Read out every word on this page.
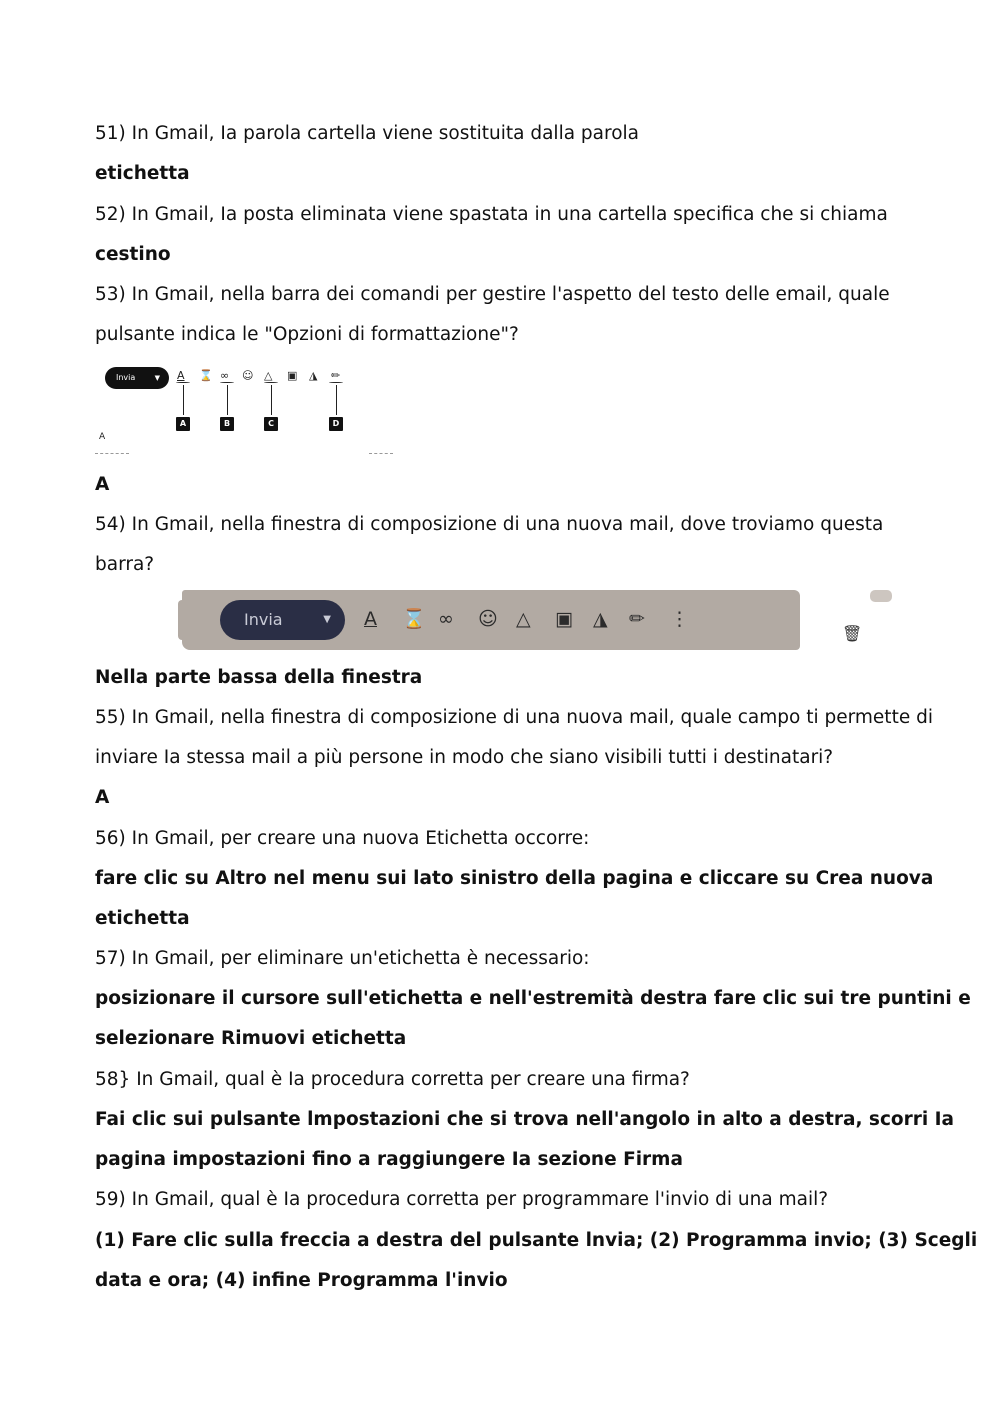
51) In Gmail, Ia parola cartella viene sostituita dalla parola
etichetta
52) In Gmail, Ia posta eliminata viene spastata in una cartella specifica che si chiama
cestino
53) In Gmail, nella barra dei comandi per gestire l'aspetto del testo delle email, quale
pulsante indica le "Opzioni di formattazione"?
Invia	▼ A ⌛ ∞ ☺ △ ▣ ◮ ✏
A	B	C	D
A
A
54) In Gmail, nella finestra di composizione di una nuova mail, dove troviamo questa
barra?
Invia	▼ A ⌛ ∞ ☺ △ ▣ ◮ ✏ ⋮
🗑
Nella parte bassa della finestra
55) In Gmail, nella finestra di composizione di una nuova mail, quale campo ti permette di
inviare Ia stessa mail a più persone in modo che siano visibili tutti i destinatari?
A
56) In Gmail, per creare una nuova Etichetta occorre:
fare clic su Altro nel menu sui lato sinistro della pagina e cliccare su Crea nuova
etichetta
57) In Gmail, per eliminare un'etichetta è necessario:
posizionare il cursore sull'etichetta e nell'estremità destra fare clic sui tre puntini e
selezionare Rimuovi etichetta
58} In Gmail, qual è Ia procedura corretta per creare una firma?
Fai clic sui pulsante lmpostazioni che si trova nell'angolo in alto a destra, scorri Ia
pagina impostazioni fino a raggiungere Ia sezione Firma
59) In Gmail, qual è Ia procedura corretta per programmare l'invio di una mail?
(1) Fare clic sulla freccia a destra del pulsante lnvia; (2) Programma invio; (3) Scegli
data e ora; (4) infine Programma l'invio
